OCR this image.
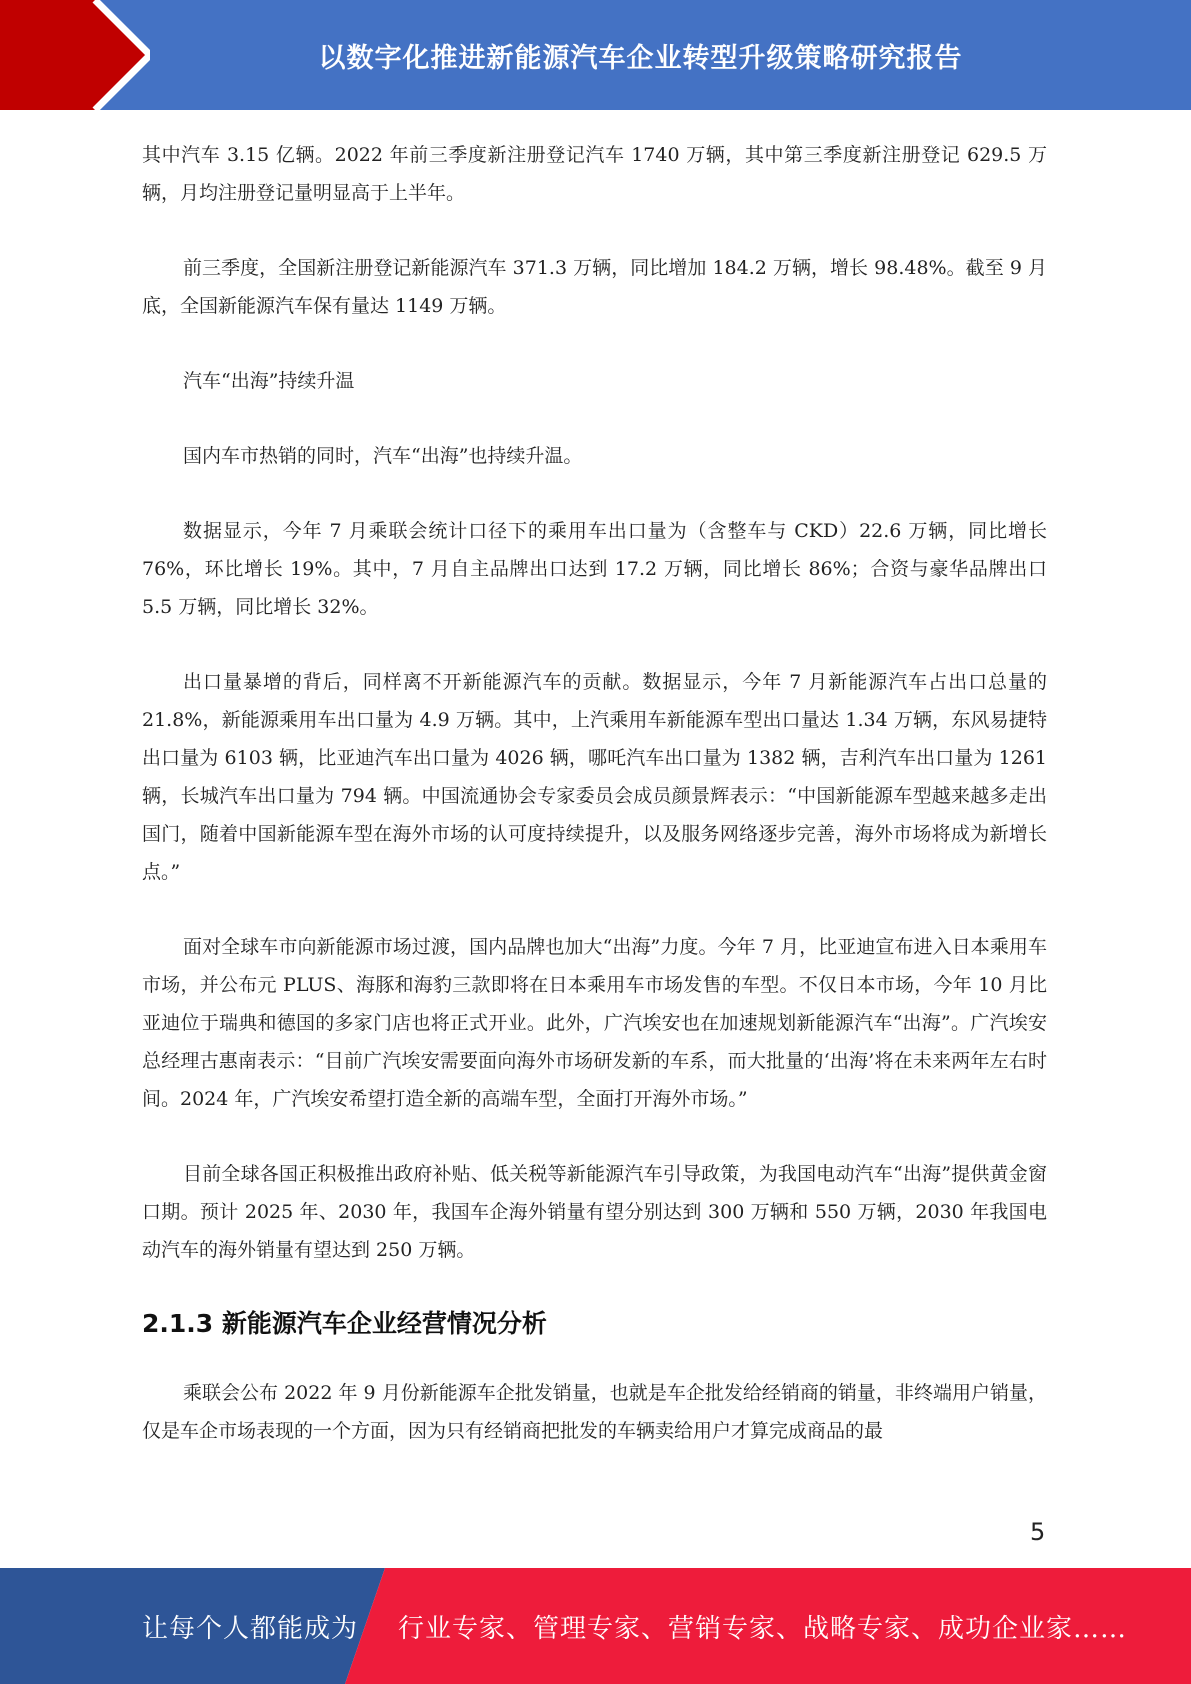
以数字化推进新能源汽车企业转型升级策略研究报告

其中汽车 3.15 亿辆。2022 年前三季度新注册登记汽车 1740 万辆，其中第三季度新注册登记 629.5 万辆，月均注册登记量明显高于上半年。

前三季度，全国新注册登记新能源汽车 371.3 万辆，同比增加 184.2 万辆，增长 98.48%。截至 9 月底，全国新能源汽车保有量达 1149 万辆。

汽车“出海”持续升温

国内车市热销的同时，汽车“出海”也持续升温。

数据显示，今年 7 月乘联会统计口径下的乘用车出口量为（含整车与 CKD）22.6 万辆，同比增长 76%，环比增长 19%。其中，7 月自主品牌出口达到 17.2 万辆，同比增长 86%；合资与豪华品牌出口 5.5 万辆，同比增长 32%。

出口量暴增的背后，同样离不开新能源汽车的贡献。数据显示，今年 7 月新能源汽车占出口总量的 21.8%，新能源乘用车出口量为 4.9 万辆。其中，上汽乘用车新能源车型出口量达 1.34 万辆，东风易捷特出口量为 6103 辆，比亚迪汽车出口量为 4026 辆，哪吒汽车出口量为 1382 辆，吉利汽车出口量为 1261 辆，长城汽车出口量为 794 辆。中国流通协会专家委员会成员颜景辉表示：“中国新能源车型越来越多走出国门，随着中国新能源车型在海外市场的认可度持续提升，以及服务网络逐步完善，海外市场将成为新增长点。”

面对全球车市向新能源市场过渡，国内品牌也加大“出海”力度。今年 7 月，比亚迪宣布进入日本乘用车市场，并公布元 PLUS、海豚和海豹三款即将在日本乘用车市场发售的车型。不仅日本市场，今年 10 月比亚迪位于瑞典和德国的多家门店也将正式开业。此外，广汽埃安也在加速规划新能源汽车“出海”。广汽埃安总经理古惠南表示：“目前广汽埃安需要面向海外市场研发新的车系，而大批量的‘出海’将在未来两年左右时间。2024 年，广汽埃安希望打造全新的高端车型，全面打开海外市场。”

目前全球各国正积极推出政府补贴、低关税等新能源汽车引导政策，为我国电动汽车“出海”提供黄金窗口期。预计 2025 年、2030 年，我国车企海外销量有望分别达到 300 万辆和 550 万辆，2030 年我国电动汽车的海外销量有望达到 250 万辆。

2.1.3 新能源汽车企业经营情况分析

乘联会公布 2022 年 9 月份新能源车企批发销量，也就是车企批发给经销商的销量，非终端用户销量，仅是车企市场表现的一个方面，因为只有经销商把批发的车辆卖给用户才算完成商品的最

5
让每个人都能成为 行业专家、管理专家、营销专家、战略专家、成功企业家……
